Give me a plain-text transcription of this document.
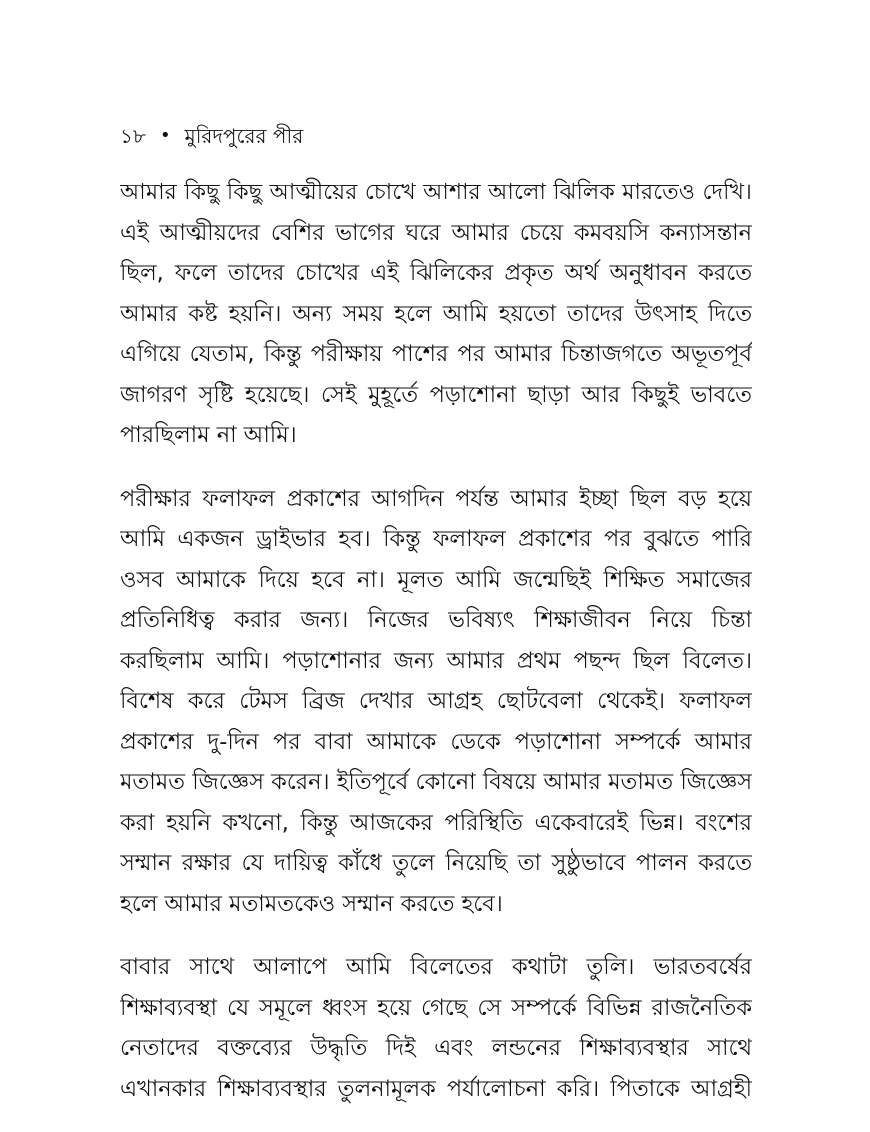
১৮ • মুরিদপুরের পীর
আমার কিছু কিছু আত্মীয়ের চোখে আশার আলো ঝিলিক মারতেও দেখি।
এই আত্মীয়দের বেশির ভাগের ঘরে আমার চেয়ে কমবয়সি কন্যাসন্তান
ছিল, ফলে তাদের চোখের এই ঝিলিকের প্রকৃত অর্থ অনুধাবন করতে
আমার কষ্ট হয়নি। অন্য সময় হলে আমি হয়তো তাদের উৎসাহ দিতে
এগিয়ে যেতাম, কিন্তু পরীক্ষায় পাশের পর আমার চিন্তাজগতে অভূতপূর্ব
জাগরণ সৃষ্টি হয়েছে। সেই মুহূর্তে পড়াশোনা ছাড়া আর কিছুই ভাবতে
পারছিলাম না আমি।
পরীক্ষার ফলাফল প্রকাশের আগদিন পর্যন্ত আমার ইচ্ছা ছিল বড় হয়ে
আমি একজন ড্রাইভার হব। কিন্তু ফলাফল প্রকাশের পর বুঝতে পারি
ওসব আমাকে দিয়ে হবে না। মূলত আমি জন্মেছিই শিক্ষিত সমাজের
প্রতিনিধিত্ব করার জন্য। নিজের ভবিষ্যৎ শিক্ষাজীবন নিয়ে চিন্তা
করছিলাম আমি। পড়াশোনার জন্য আমার প্রথম পছন্দ ছিল বিলেত।
বিশেষ করে টেমস ব্রিজ দেখার আগ্রহ ছোটবেলা থেকেই। ফলাফল
প্রকাশের দু-দিন পর বাবা আমাকে ডেকে পড়াশোনা সম্পর্কে আমার
মতামত জিজ্ঞেস করেন। ইতিপূর্বে কোনো বিষয়ে আমার মতামত জিজ্ঞেস
করা হয়নি কখনো, কিন্তু আজকের পরিস্থিতি একেবারেই ভিন্ন। বংশের
সম্মান রক্ষার যে দায়িত্ব কাঁধে তুলে নিয়েছি তা সুষ্ঠুভাবে পালন করতে
হলে আমার মতামতকেও সম্মান করতে হবে।
বাবার সাথে আলাপে আমি বিলেতের কথাটা তুলি। ভারতবর্ষের
শিক্ষাব্যবস্থা যে সমূলে ধ্বংস হয়ে গেছে সে সম্পর্কে বিভিন্ন রাজনৈতিক
নেতাদের বক্তব্যের উদ্ধৃতি দিই এবং লন্ডনের শিক্ষাব্যবস্থার সাথে
এখানকার শিক্ষাব্যবস্থার তুলনামূলক পর্যালোচনা করি। পিতাকে আগ্রহী
